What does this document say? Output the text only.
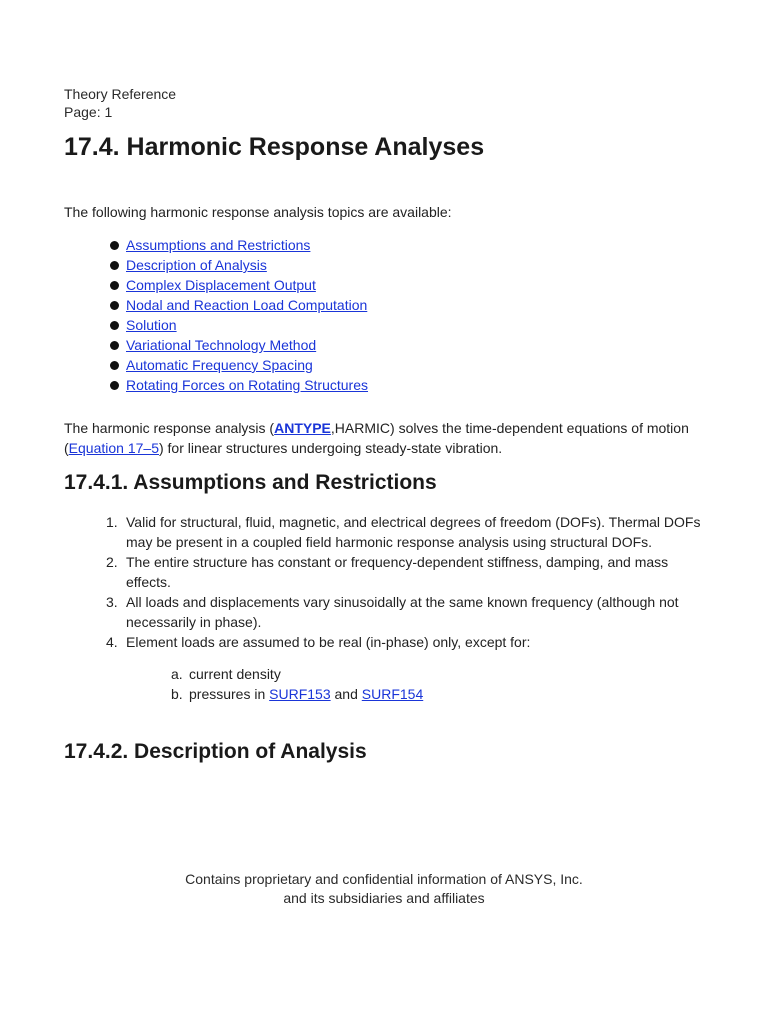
Theory Reference
Page: 1
17.4. Harmonic Response Analyses
The following harmonic response analysis topics are available:
Assumptions and Restrictions
Description of Analysis
Complex Displacement Output
Nodal and Reaction Load Computation
Solution
Variational Technology Method
Automatic Frequency Spacing
Rotating Forces on Rotating Structures
The harmonic response analysis (ANTYPE,HARMIC) solves the time-dependent equations of motion (Equation 17–5) for linear structures undergoing steady-state vibration.
17.4.1. Assumptions and Restrictions
1. Valid for structural, fluid, magnetic, and electrical degrees of freedom (DOFs). Thermal DOFs may be present in a coupled field harmonic response analysis using structural DOFs.
2. The entire structure has constant or frequency-dependent stiffness, damping, and mass effects.
3. All loads and displacements vary sinusoidally at the same known frequency (although not necessarily in phase).
4. Element loads are assumed to be real (in-phase) only, except for:
a. current density
b. pressures in SURF153 and SURF154
17.4.2. Description of Analysis
Contains proprietary and confidential information of ANSYS, Inc.
and its subsidiaries and affiliates
